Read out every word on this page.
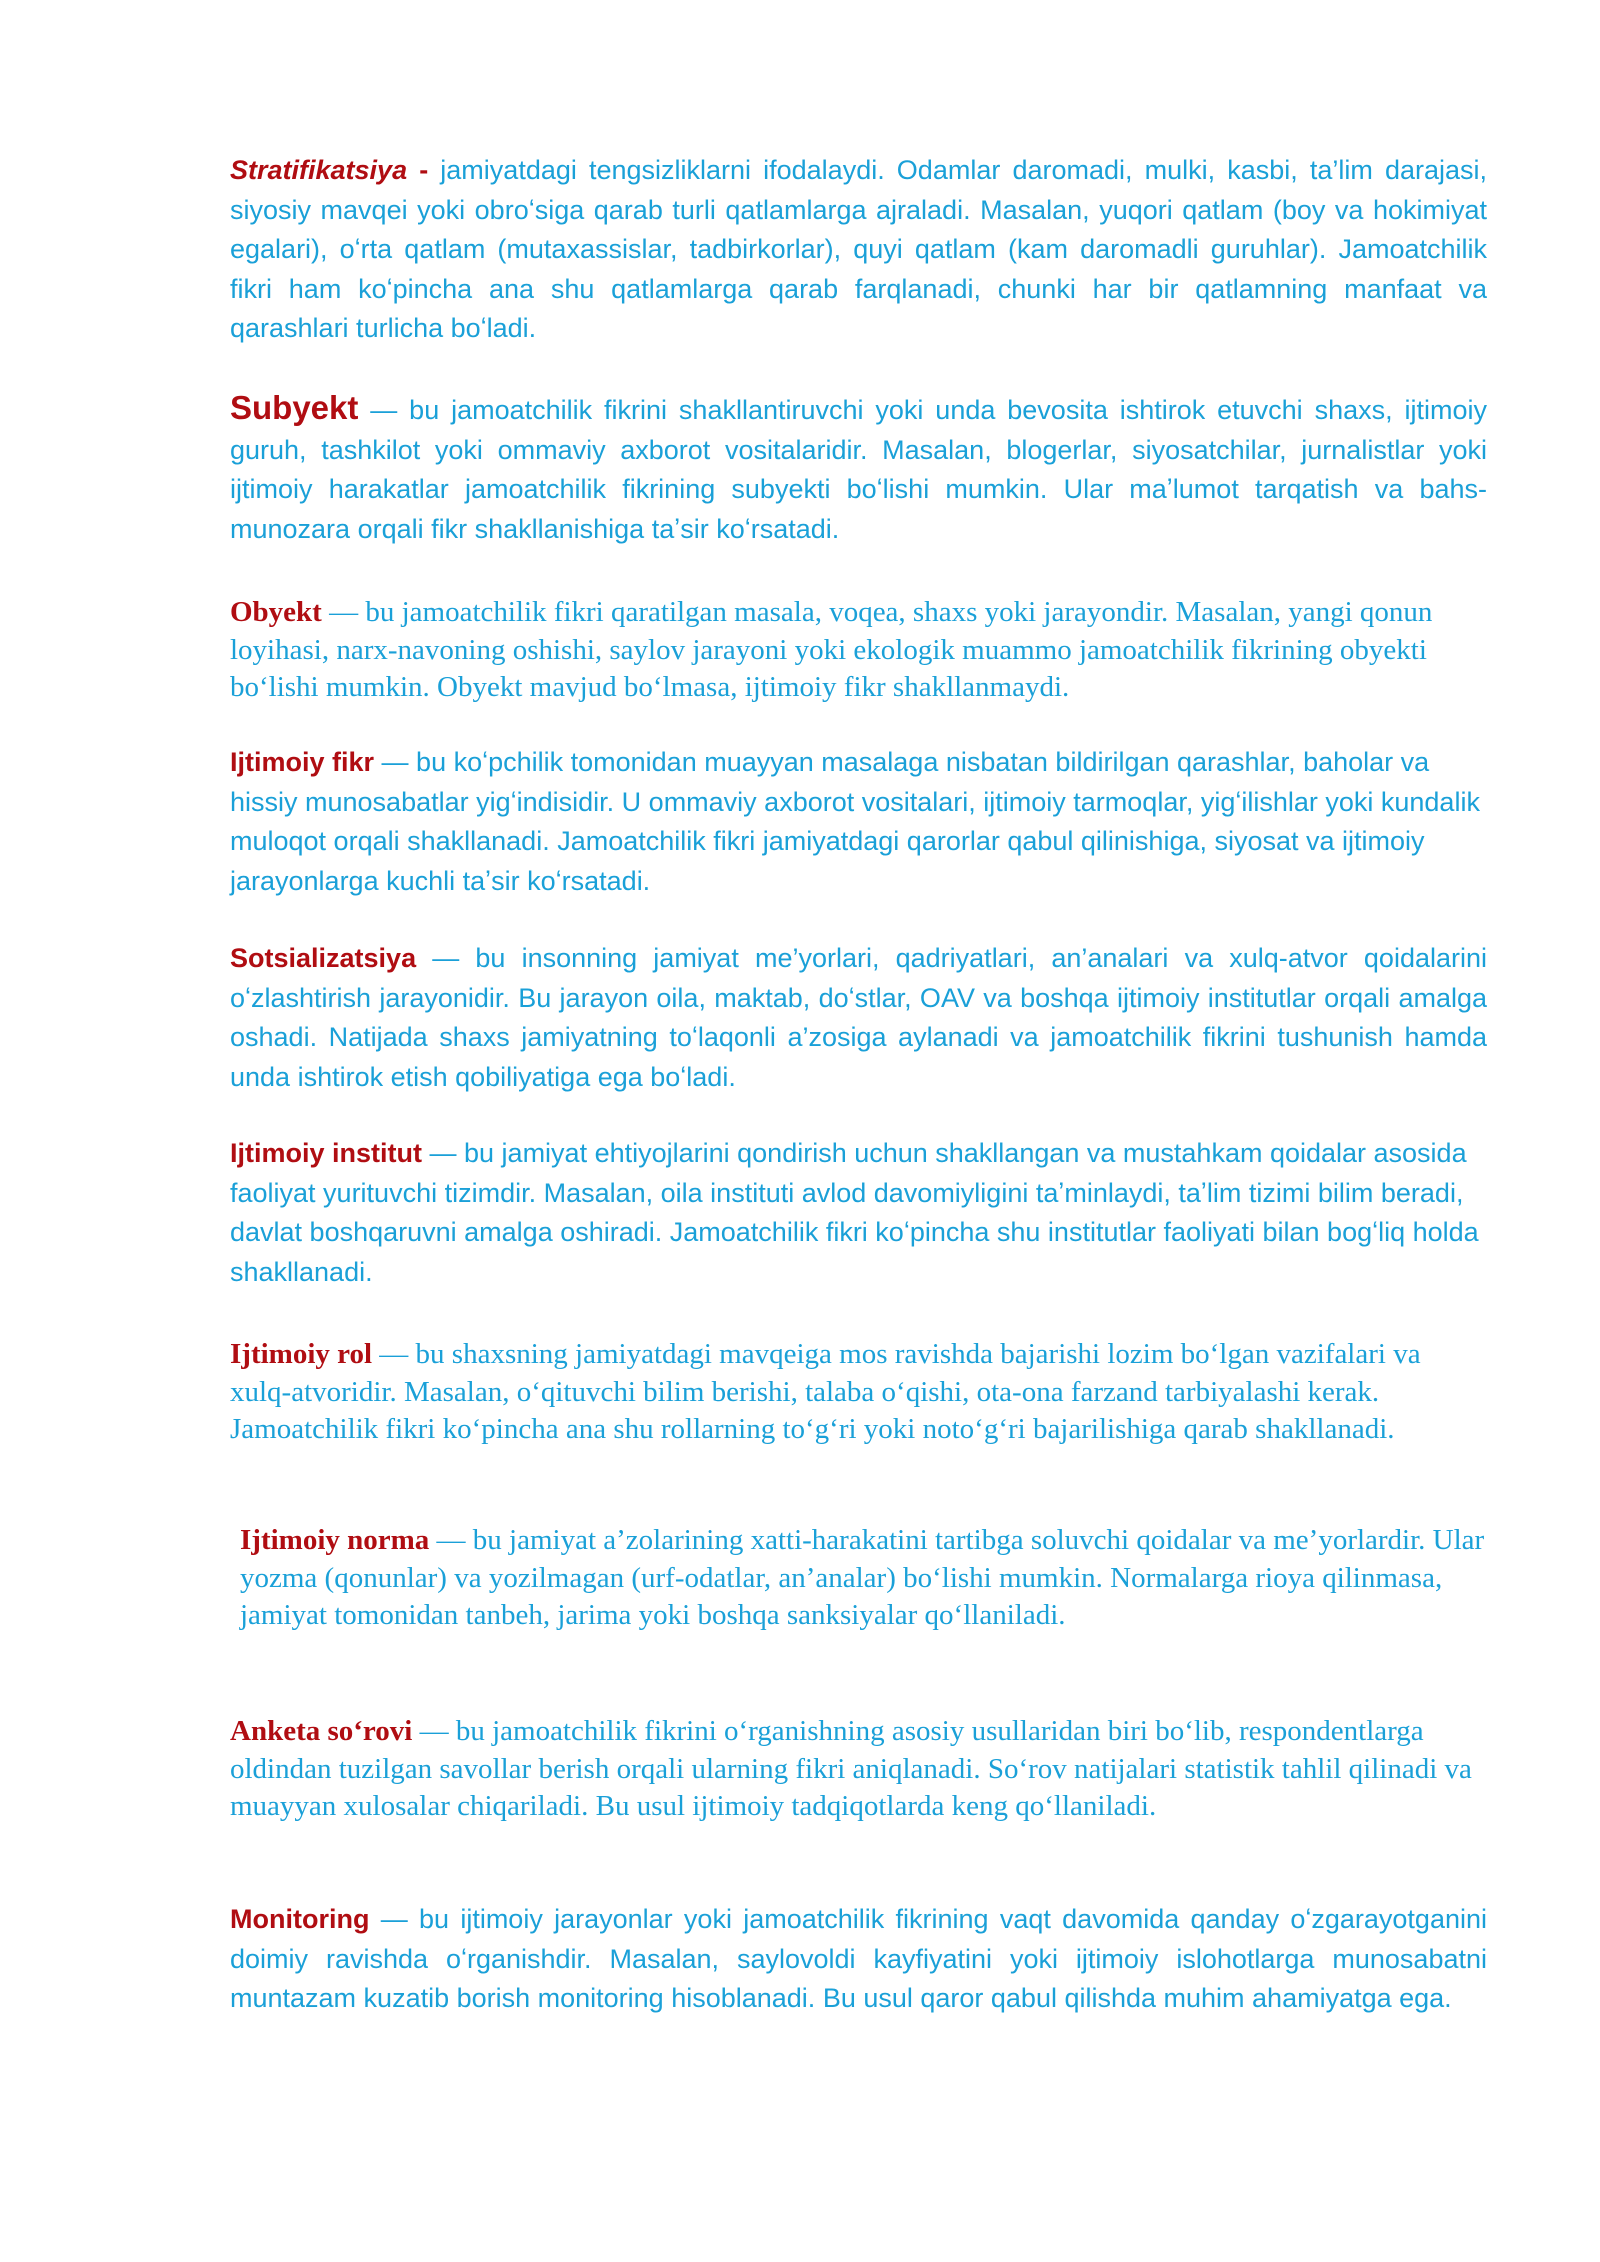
Stratifikatsiya - jamiyatdagi tengsizliklarni ifodalaydi. Odamlar daromadi, mulki, kasbi, ta’lim darajasi, siyosiy mavqei yoki obroʻsiga qarab turli qatlamlarga ajraladi. Masalan, yuqori qatlam (boy va hokimiyat egalari), oʻrta qatlam (mutaxassislar, tadbirkorlar), quyi qatlam (kam daromadli guruhlar). Jamoatchilik fikri ham koʻpincha ana shu qatlamlarga qarab farqlanadi, chunki har bir qatlamning manfaat va qarashlari turlicha boʻladi.

Subyekt — bu jamoatchilik fikrini shakllantiruvchi yoki unda bevosita ishtirok etuvchi shaxs, ijtimoiy guruh, tashkilot yoki ommaviy axborot vositalaridir. Masalan, blogerlar, siyosatchilar, jurnalistlar yoki ijtimoiy harakatlar jamoatchilik fikrining subyekti boʻlishi mumkin. Ular maʼlumot tarqatish va bahs-munozara orqali fikr shakllanishiga taʼsir koʻrsatadi.

Obyekt — bu jamoatchilik fikri qaratilgan masala, voqea, shaxs yoki jarayondir. Masalan, yangi qonun loyihasi, narx-navoning oshishi, saylov jarayoni yoki ekologik muammo jamoatchilik fikrining obyekti boʻlishi mumkin. Obyekt mavjud boʻlmasa, ijtimoiy fikr shakllanmaydi.

Ijtimoiy fikr — bu koʻpchilik tomonidan muayyan masalaga nisbatan bildirilgan qarashlar, baholar va hissiy munosabatlar yigʻindisidir. U ommaviy axborot vositalari, ijtimoiy tarmoqlar, yigʻilishlar yoki kundalik muloqot orqali shakllanadi. Jamoatchilik fikri jamiyatdagi qarorlar qabul qilinishiga, siyosat va ijtimoiy jarayonlarga kuchli taʼsir koʻrsatadi.

Sotsializatsiya — bu insonning jamiyat me’yorlari, qadriyatlari, an’analari va xulq-atvor qoidalarini oʻzlashtirish jarayonidir. Bu jarayon oila, maktab, doʻstlar, OAV va boshqa ijtimoiy institutlar orqali amalga oshadi. Natijada shaxs jamiyatning toʻlaqonli a’zosiga aylanadi va jamoatchilik fikrini tushunish hamda unda ishtirok etish qobiliyatiga ega boʻladi.

Ijtimoiy institut — bu jamiyat ehtiyojlarini qondirish uchun shakllangan va mustahkam qoidalar asosida faoliyat yurituvchi tizimdir. Masalan, oila instituti avlod davomiyligini taʼminlaydi, taʼlim tizimi bilim beradi, davlat boshqaruvni amalga oshiradi. Jamoatchilik fikri koʻpincha shu institutlar faoliyati bilan bogʻliq holda shakllanadi.

Ijtimoiy rol — bu shaxsning jamiyatdagi mavqeiga mos ravishda bajarishi lozim boʻlgan vazifalari va xulq-atvoridir. Masalan, oʻqituvchi bilim berishi, talaba oʻqishi, ota-ona farzand tarbiyalashi kerak. Jamoatchilik fikri koʻpincha ana shu rollarning toʻgʻri yoki notoʻgʻri bajarilishiga qarab shakllanadi.

Ijtimoiy norma — bu jamiyat a’zolarining xatti-harakatini tartibga soluvchi qoidalar va me’yorlardir. Ular yozma (qonunlar) va yozilmagan (urf-odatlar, an’analar) boʻlishi mumkin. Normalarga rioya qilinmasa, jamiyat tomonidan tanbeh, jarima yoki boshqa sanksiyalar qoʻllaniladi.

Anketa soʻrovi — bu jamoatchilik fikrini oʻrganishning asosiy usullaridan biri boʻlib, respondentlarga oldindan tuzilgan savollar berish orqali ularning fikri aniqlanadi. Soʻrov natijalari statistik tahlil qilinadi va muayyan xulosalar chiqariladi. Bu usul ijtimoiy tadqiqotlarda keng qoʻllaniladi.

Monitoring — bu ijtimoiy jarayonlar yoki jamoatchilik fikrining vaqt davomida qanday oʻzgarayotganini doimiy ravishda oʻrganishdir. Masalan, saylovoldi kayfiyatini yoki ijtimoiy islohotlarga munosabatni muntazam kuzatib borish monitoring hisoblanadi. Bu usul qaror qabul qilishda muhim ahamiyatga ega.
